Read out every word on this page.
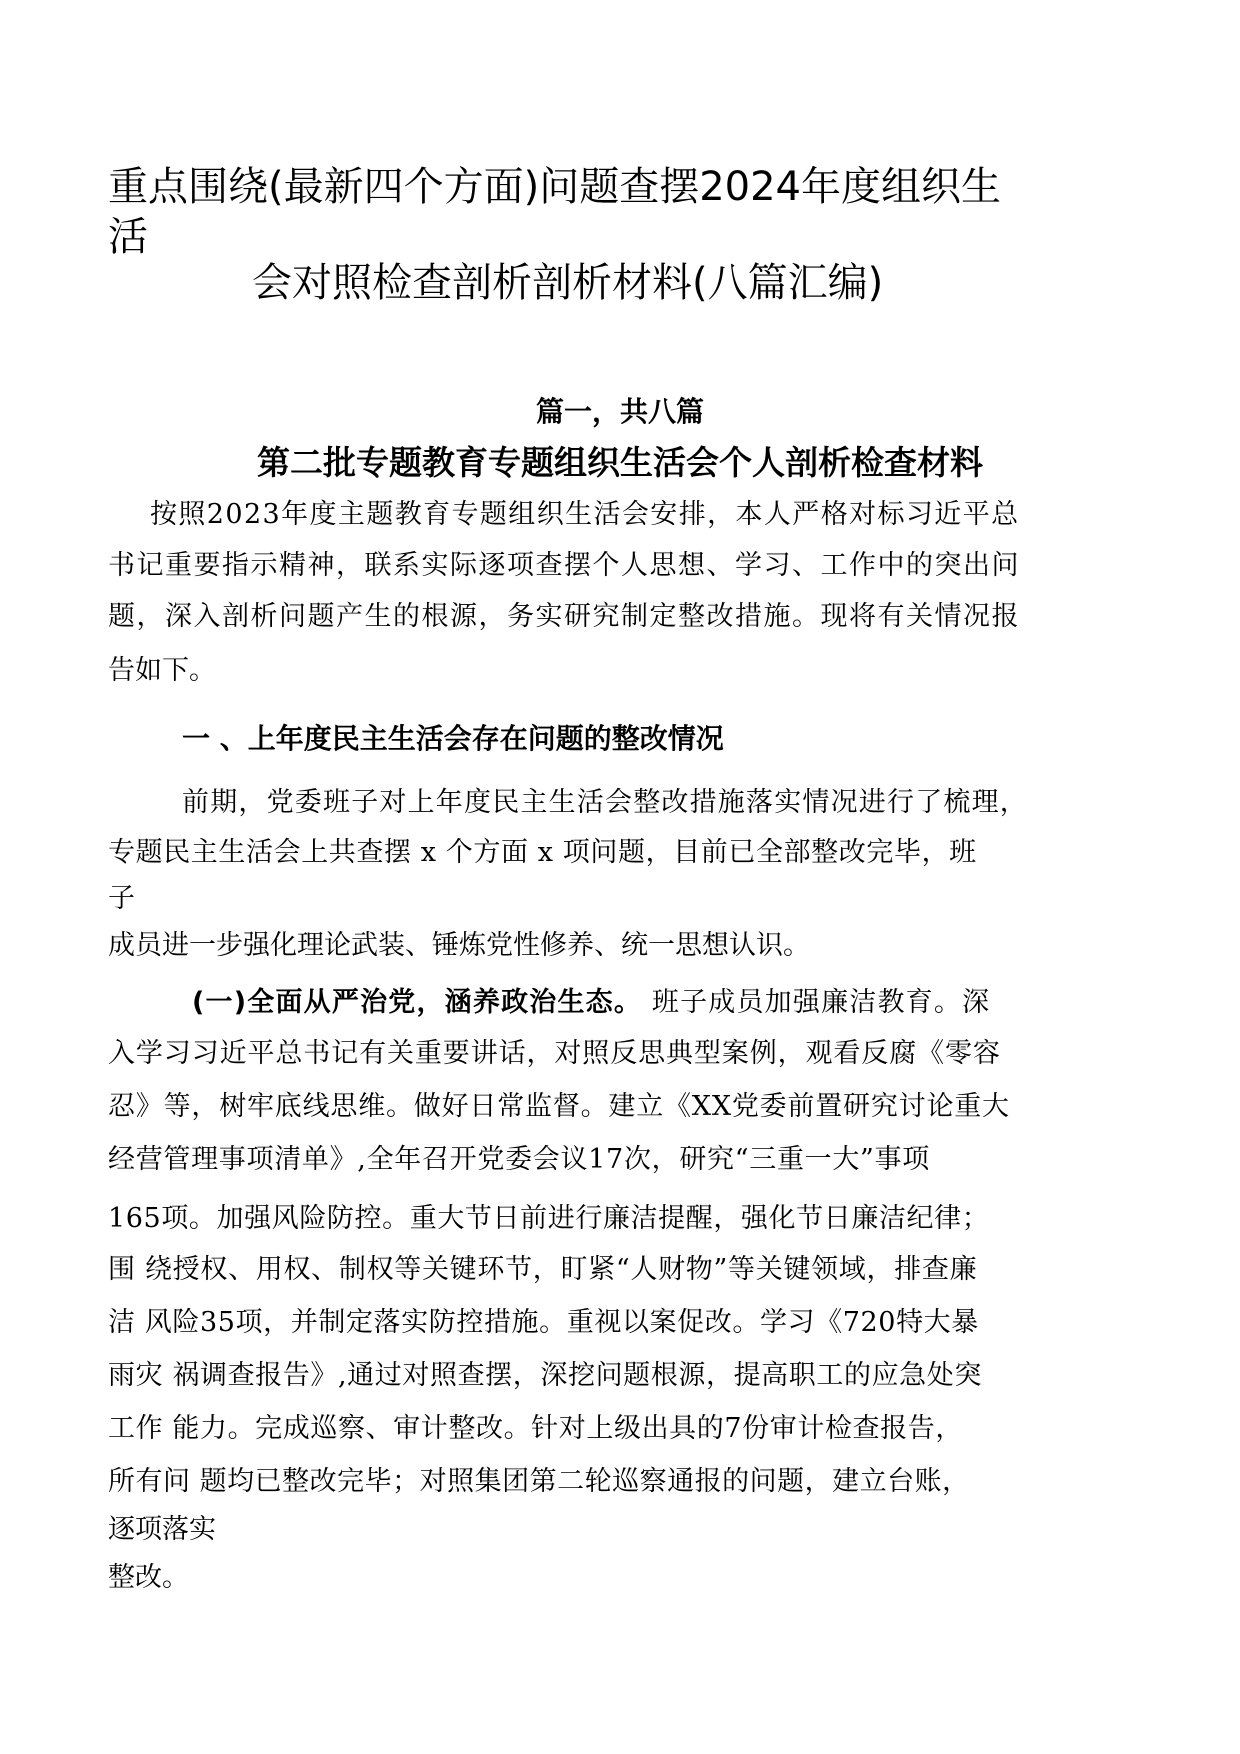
重点围绕(最新四个方面)问题查摆2024年度组织生
活
会对照检查剖析剖析材料(八篇汇编)
篇一，共八篇
第二批专题教育专题组织生活会个人剖析检查材料

按照2023年度主题教育专题组织生活会安排，本人严格对标习近平总

书记重要指示精神，联系实际逐项查摆个人思想、学习、工作中的突出问

题，深入剖析问题产生的根源，务实研究制定整改措施。现将有关情况报

告如下。

一 、上年度民主生活会存在问题的整改情况

前期，党委班子对上年度民主生活会整改措施落实情况进行了梳理，

专题民主生活会上共查摆 x 个方面 x 项问题，目前已全部整改完毕，班

子

成员进一步强化理论武装、锤炼党性修养、统一思想认识。

(一)全面从严治党，涵养政治生态。 班子成员加强廉洁教育。深

入学习习近平总书记有关重要讲话，对照反思典型案例，观看反腐《零容

忍》等，树牢底线思维。做好日常监督。建立《XX党委前置研究讨论重大

经营管理事项清单》,全年召开党委会议17次，研究“三重一大”事项

165项。加强风险防控。重大节日前进行廉洁提醒，强化节日廉洁纪律；

围 绕授权、用权、制权等关键环节，盯紧“人财物”等关键领域，排查廉

洁 风险35项，并制定落实防控措施。重视以案促改。学习《720特大暴

雨灾 祸调查报告》,通过对照查摆，深挖问题根源，提高职工的应急处突

工作 能力。完成巡察、审计整改。针对上级出具的7份审计检查报告，

所有问 题均已整改完毕；对照集团第二轮巡察通报的问题，建立台账，

逐项落实

整改。
